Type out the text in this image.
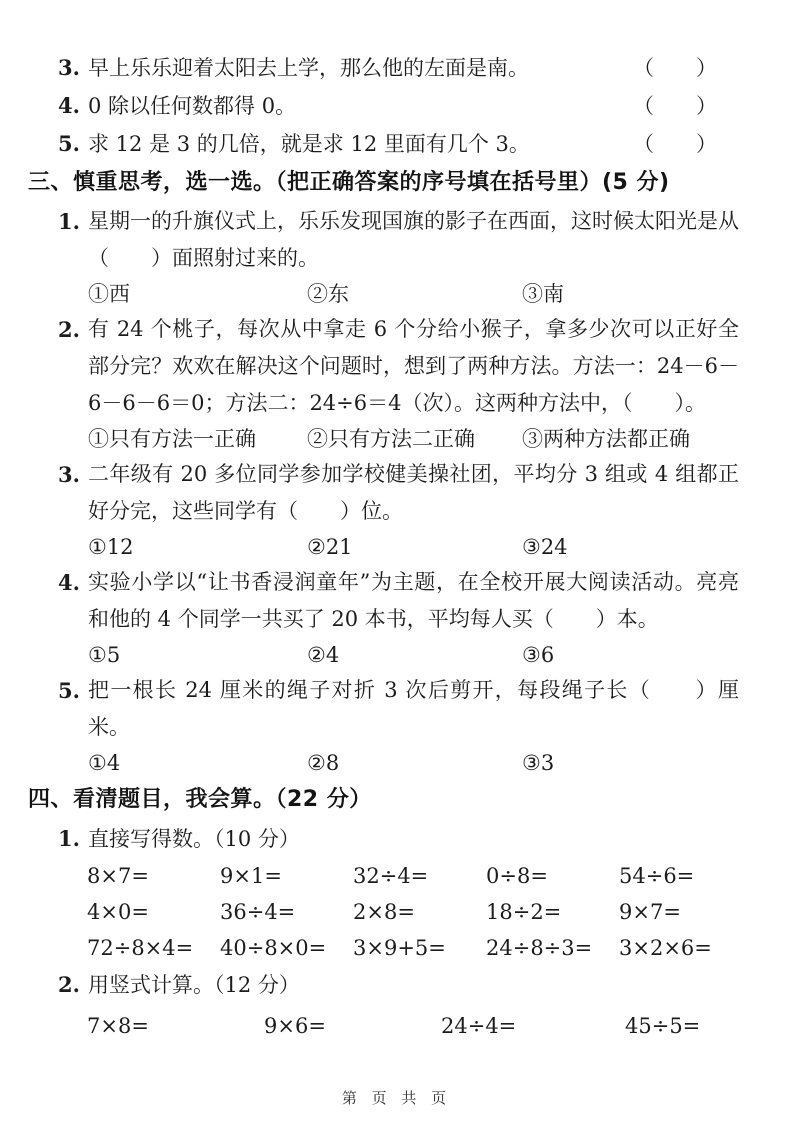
3. 早上乐乐迎着太阳去上学，那么他的左面是南。	（　　）
4. 0 除以任何数都得 0。	（　　）
5. 求 12 是 3 的几倍，就是求 12 里面有几个 3。	（　　）
三、慎重思考，选一选。（把正确答案的序号填在括号里）(5 分)
1. 星期一的升旗仪式上，乐乐发现国旗的影子在西面，这时候太阳光是从（　　）面照射过来的。
①西	②东	③南
2. 有 24 个桃子，每次从中拿走 6 个分给小猴子，拿多少次可以正好全部分完？欢欢在解决这个问题时，想到了两种方法。方法一：24－6－6－6－6＝0；方法二：24÷6＝4（次）。这两种方法中，（　　）。
①只有方法一正确	②只有方法二正确	③两种方法都正确
3. 二年级有 20 多位同学参加学校健美操社团，平均分 3 组或 4 组都正好分完，这些同学有（　　）位。
①12	②21	③24
4. 实验小学以“让书香浸润童年”为主题，在全校开展大阅读活动。亮亮和他的 4 个同学一共买了 20 本书，平均每人买（　　）本。
①5	②4	③6
5. 把一根长 24 厘米的绳子对折 3 次后剪开，每段绳子长（　　）厘米。
①4	②8	③3
四、看清题目，我会算。（22 分）
1. 直接写得数。（10 分）
8×7=	9×1=	32÷4=	0÷8=	54÷6=
4×0=	36÷4=	2×8=	18÷2=	9×7=
72÷8×4=	40÷8×0=	3×9+5=	24÷8÷3=	3×2×6=
2. 用竖式计算。（12 分）
7×8=	9×6=	24÷4=	45÷5=
第 页 共 页
